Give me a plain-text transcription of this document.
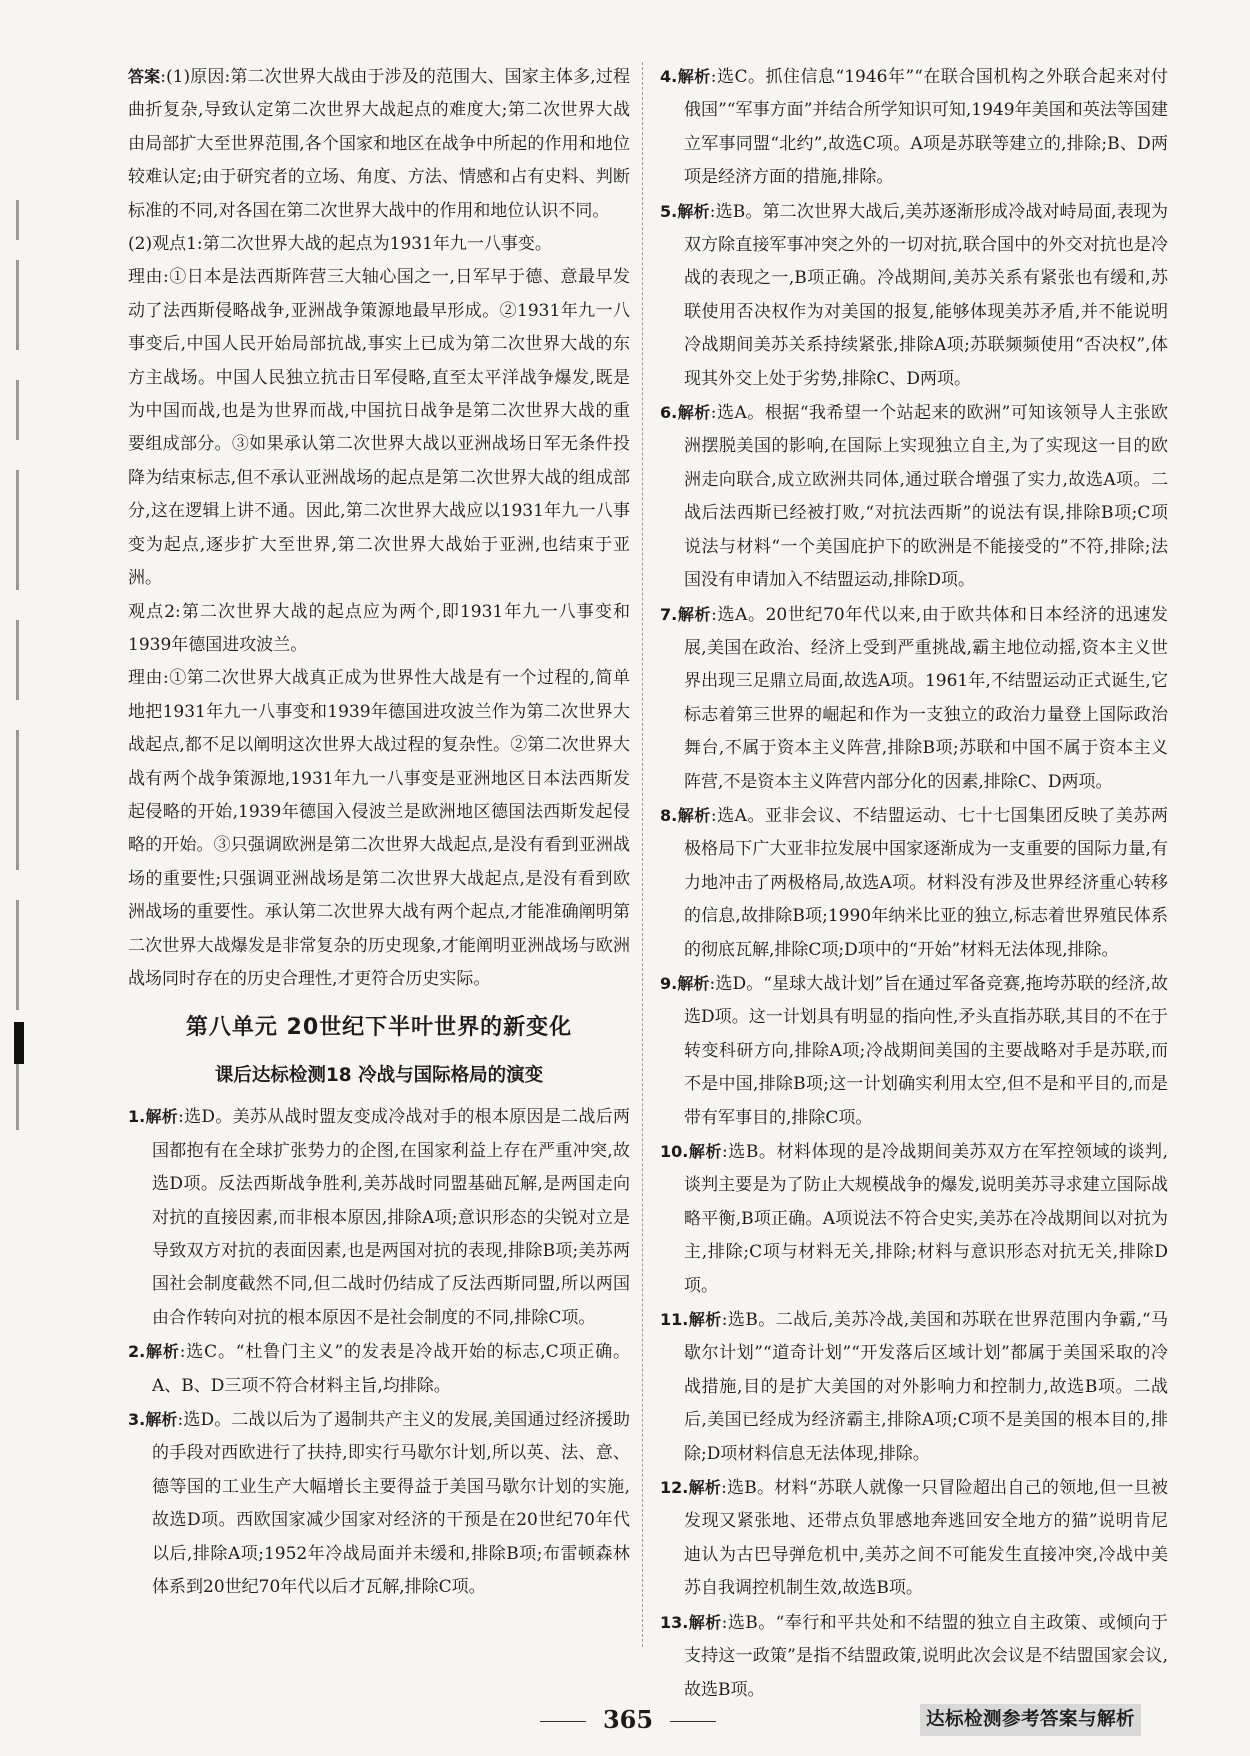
答案:(1)原因:第二次世界大战由于涉及的范围大、国家主体多,过程曲折复杂,导致认定第二次世界大战起点的难度大;第二次世界大战由局部扩大至世界范围,各个国家和地区在战争中所起的作用和地位较难认定;由于研究者的立场、角度、方法、情感和占有史料、判断标准的不同,对各国在第二次世界大战中的作用和地位认识不同。

(2)观点1:第二次世界大战的起点为1931年九一八事变。

理由:①日本是法西斯阵营三大轴心国之一,日军早于德、意最早发动了法西斯侵略战争,亚洲战争策源地最早形成。②1931年九一八事变后,中国人民开始局部抗战,事实上已成为第二次世界大战的东方主战场。中国人民独立抗击日军侵略,直至太平洋战争爆发,既是为中国而战,也是为世界而战,中国抗日战争是第二次世界大战的重要组成部分。③如果承认第二次世界大战以亚洲战场日军无条件投降为结束标志,但不承认亚洲战场的起点是第二次世界大战的组成部分,这在逻辑上讲不通。因此,第二次世界大战应以1931年九一八事变为起点,逐步扩大至世界,第二次世界大战始于亚洲,也结束于亚洲。

观点2:第二次世界大战的起点应为两个,即1931年九一八事变和1939年德国进攻波兰。

理由:①第二次世界大战真正成为世界性大战是有一个过程的,简单地把1931年九一八事变和1939年德国进攻波兰作为第二次世界大战起点,都不足以阐明这次世界大战过程的复杂性。②第二次世界大战有两个战争策源地,1931年九一八事变是亚洲地区日本法西斯发起侵略的开始,1939年德国入侵波兰是欧洲地区德国法西斯发起侵略的开始。③只强调欧洲是第二次世界大战起点,是没有看到亚洲战场的重要性;只强调亚洲战场是第二次世界大战起点,是没有看到欧洲战场的重要性。承认第二次世界大战有两个起点,才能准确阐明第二次世界大战爆发是非常复杂的历史现象,才能阐明亚洲战场与欧洲战场同时存在的历史合理性,才更符合历史实际。

第八单元 20世纪下半叶世界的新变化
课后达标检测18 冷战与国际格局的演变

1.解析:选D。美苏从战时盟友变成冷战对手的根本原因是二战后两国都抱有在全球扩张势力的企图,在国家利益上存在严重冲突,故选D项。反法西斯战争胜利,美苏战时同盟基础瓦解,是两国走向对抗的直接因素,而非根本原因,排除A项;意识形态的尖锐对立是导致双方对抗的表面因素,也是两国对抗的表现,排除B项;美苏两国社会制度截然不同,但二战时仍结成了反法西斯同盟,所以两国由合作转向对抗的根本原因不是社会制度的不同,排除C项。

2.解析:选C。“杜鲁门主义”的发表是冷战开始的标志,C项正确。A、B、D三项不符合材料主旨,均排除。

3.解析:选D。二战以后为了遏制共产主义的发展,美国通过经济援助的手段对西欧进行了扶持,即实行马歇尔计划,所以英、法、意、德等国的工业生产大幅增长主要得益于美国马歇尔计划的实施,故选D项。西欧国家减少国家对经济的干预是在20世纪70年代以后,排除A项;1952年冷战局面并未缓和,排除B项;布雷顿森林体系到20世纪70年代以后才瓦解,排除C项。

4.解析:选C。抓住信息“1946年”“在联合国机构之外联合起来对付俄国”“军事方面”并结合所学知识可知,1949年美国和英法等国建立军事同盟“北约”,故选C项。A项是苏联等建立的,排除;B、D两项是经济方面的措施,排除。

5.解析:选B。第二次世界大战后,美苏逐渐形成冷战对峙局面,表现为双方除直接军事冲突之外的一切对抗,联合国中的外交对抗也是冷战的表现之一,B项正确。冷战期间,美苏关系有紧张也有缓和,苏联使用否决权作为对美国的报复,能够体现美苏矛盾,并不能说明冷战期间美苏关系持续紧张,排除A项;苏联频频使用“否决权”,体现其外交上处于劣势,排除C、D两项。

6.解析:选A。根据“我希望一个站起来的欧洲”可知该领导人主张欧洲摆脱美国的影响,在国际上实现独立自主,为了实现这一目的欧洲走向联合,成立欧洲共同体,通过联合增强了实力,故选A项。二战后法西斯已经被打败,“对抗法西斯”的说法有误,排除B项;C项说法与材料“一个美国庇护下的欧洲是不能接受的”不符,排除;法国没有申请加入不结盟运动,排除D项。

7.解析:选A。20世纪70年代以来,由于欧共体和日本经济的迅速发展,美国在政治、经济上受到严重挑战,霸主地位动摇,资本主义世界出现三足鼎立局面,故选A项。1961年,不结盟运动正式诞生,它标志着第三世界的崛起和作为一支独立的政治力量登上国际政治舞台,不属于资本主义阵营,排除B项;苏联和中国不属于资本主义阵营,不是资本主义阵营内部分化的因素,排除C、D两项。

8.解析:选A。亚非会议、不结盟运动、七十七国集团反映了美苏两极格局下广大亚非拉发展中国家逐渐成为一支重要的国际力量,有力地冲击了两极格局,故选A项。材料没有涉及世界经济重心转移的信息,故排除B项;1990年纳米比亚的独立,标志着世界殖民体系的彻底瓦解,排除C项;D项中的“开始”材料无法体现,排除。

9.解析:选D。“星球大战计划”旨在通过军备竞赛,拖垮苏联的经济,故选D项。这一计划具有明显的指向性,矛头直指苏联,其目的不在于转变科研方向,排除A项;冷战期间美国的主要战略对手是苏联,而不是中国,排除B项;这一计划确实利用太空,但不是和平目的,而是带有军事目的,排除C项。

10.解析:选B。材料体现的是冷战期间美苏双方在军控领域的谈判,谈判主要是为了防止大规模战争的爆发,说明美苏寻求建立国际战略平衡,B项正确。A项说法不符合史实,美苏在冷战期间以对抗为主,排除;C项与材料无关,排除;材料与意识形态对抗无关,排除D项。

11.解析:选B。二战后,美苏冷战,美国和苏联在世界范围内争霸,“马歇尔计划”“道奇计划”“开发落后区域计划”都属于美国采取的冷战措施,目的是扩大美国的对外影响力和控制力,故选B项。二战后,美国已经成为经济霸主,排除A项;C项不是美国的根本目的,排除;D项材料信息无法体现,排除。

12.解析:选B。材料“苏联人就像一只冒险超出自己的领地,但一旦被发现又紧张地、还带点负罪感地奔逃回安全地方的猫”说明肯尼迪认为古巴导弹危机中,美苏之间不可能发生直接冲突,冷战中美苏自我调控机制生效,故选B项。

13.解析:选B。“奉行和平共处和不结盟的独立自主政策、或倾向于支持这一政策”是指不结盟政策,说明此次会议是不结盟国家会议,故选B项。

365	达标检测参考答案与解析
